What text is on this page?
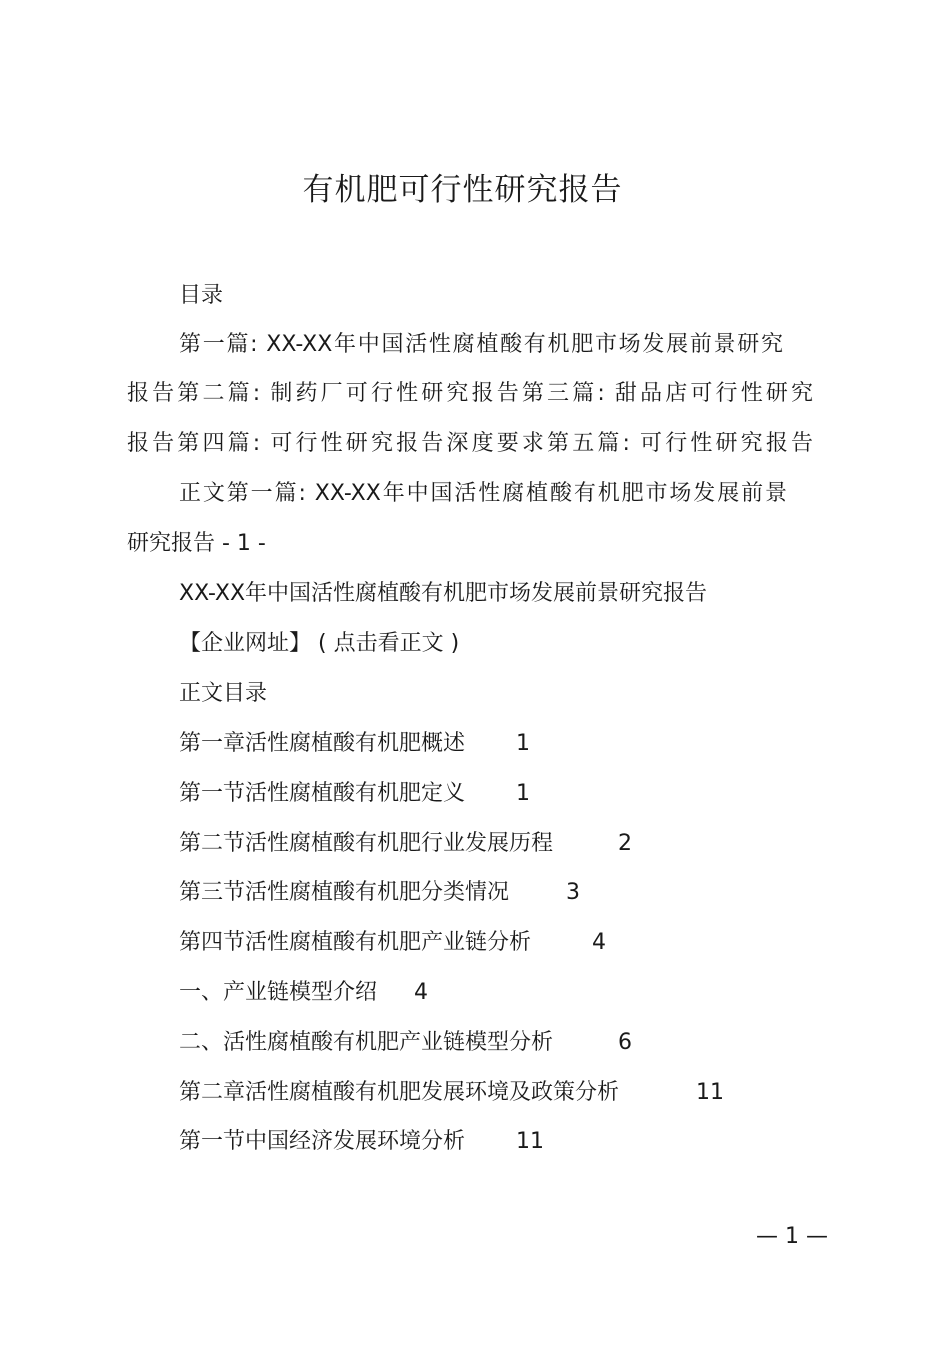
有机肥可行性研究报告

目录

第一篇: XX-XX年中国活性腐植酸有机肥市场发展前景研究

报告第二篇: 制药厂可行性研究报告第三篇: 甜品店可行性研究

报告第四篇: 可行性研究报告深度要求第五篇: 可行性研究报告

正文第一篇: XX-XX年中国活性腐植酸有机肥市场发展前景

研究报告 - 1 -

XX-XX年中国活性腐植酸有机肥市场发展前景研究报告

【企业网址】 ( 点击看正文 )

正文目录

第一章活性腐植酸有机肥概述 1
第一节活性腐植酸有机肥定义 1
第二节活性腐植酸有机肥行业发展历程	2
第三节活性腐植酸有机肥分类情况	3
第四节活性腐植酸有机肥产业链分析	4
一、产业链模型介绍 4
二、活性腐植酸有机肥产业链模型分析	6
第二章活性腐植酸有机肥发展环境及政策分析	11
第一节中国经济发展环境分析 11
— 1 —
